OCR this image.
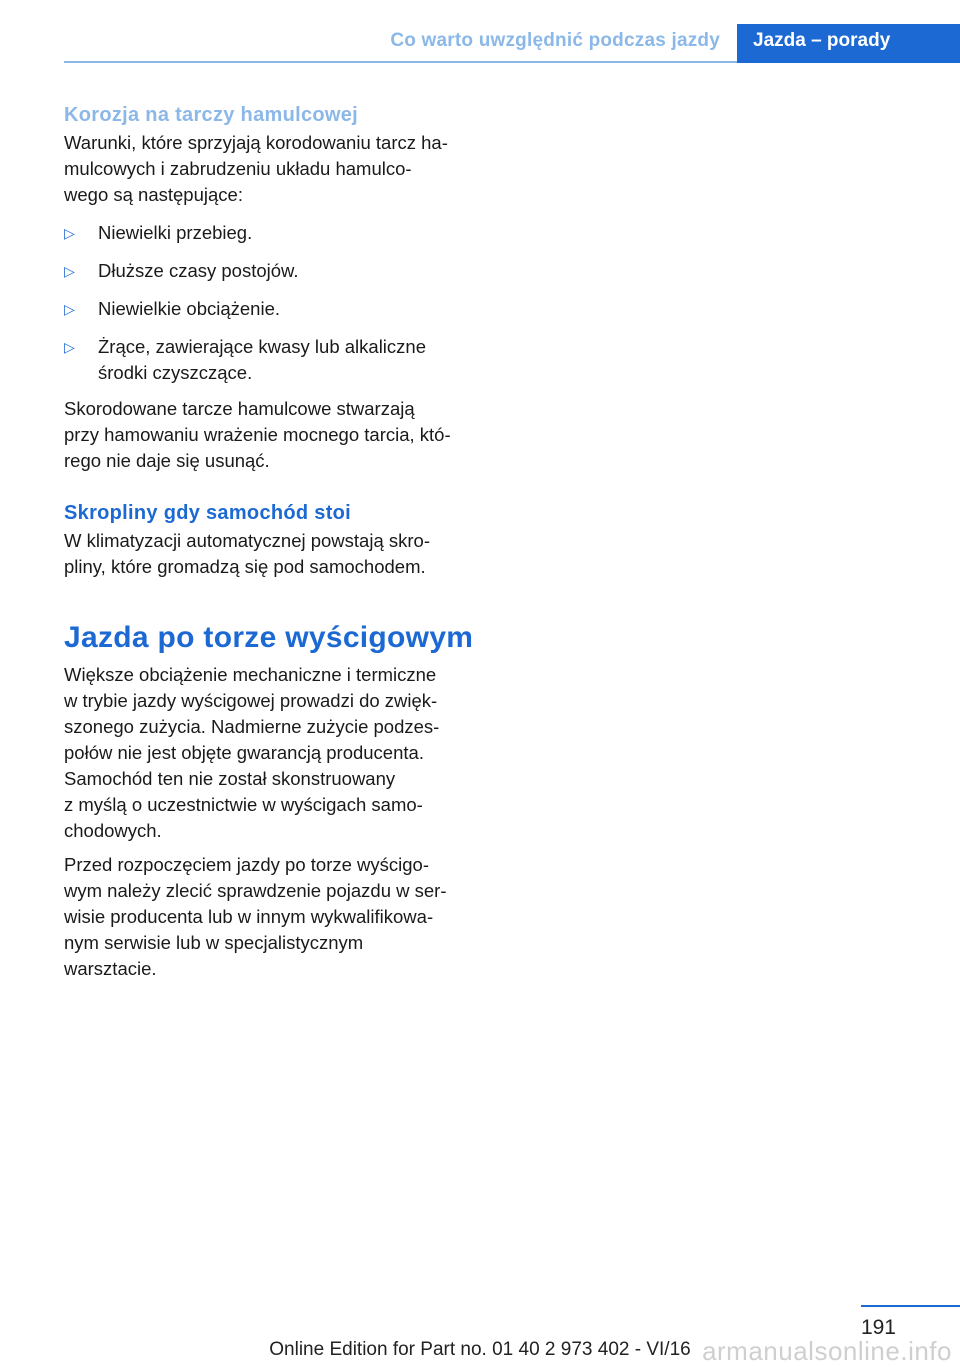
Co warto uwzględnić podczas jazdy	Jazda – porady
Korozja na tarczy hamulcowej

Warunki, które sprzyjają korodowaniu tarcz ha‐
mulcowych i zabrudzeniu układu hamulco‐
wego są następujące:

▷ Niewielki przebieg.
▷ Dłuższe czasy postojów.
▷ Niewielkie obciążenie.
▷ Żrące, zawierające kwasy lub alkaliczne
środki czyszczące.

Skorodowane tarcze hamulcowe stwarzają
przy hamowaniu wrażenie mocnego tarcia, któ‐
rego nie daje się usunąć.

Skropliny gdy samochód stoi

W klimatyzacji automatycznej powstają skro‐
pliny, które gromadzą się pod samochodem.

Jazda po torze wyścigowym

Większe obciążenie mechaniczne i termiczne
w trybie jazdy wyścigowej prowadzi do zwięk‐
szonego zużycia. Nadmierne zużycie podzes‐
połów nie jest objęte gwarancją producenta.
Samochód ten nie został skonstruowany
z myślą o uczestnictwie w wyścigach samo‐
chodowych.

Przed rozpoczęciem jazdy po torze wyścigo‐
wym należy zlecić sprawdzenie pojazdu w ser‐
wisie producenta lub w innym wykwalifikowa‐
nym serwisie lub w specjalistycznym
warsztacie.

191
Online Edition for Part no. 01 40 2 973 402 - VI/16 armanualsonline.info
